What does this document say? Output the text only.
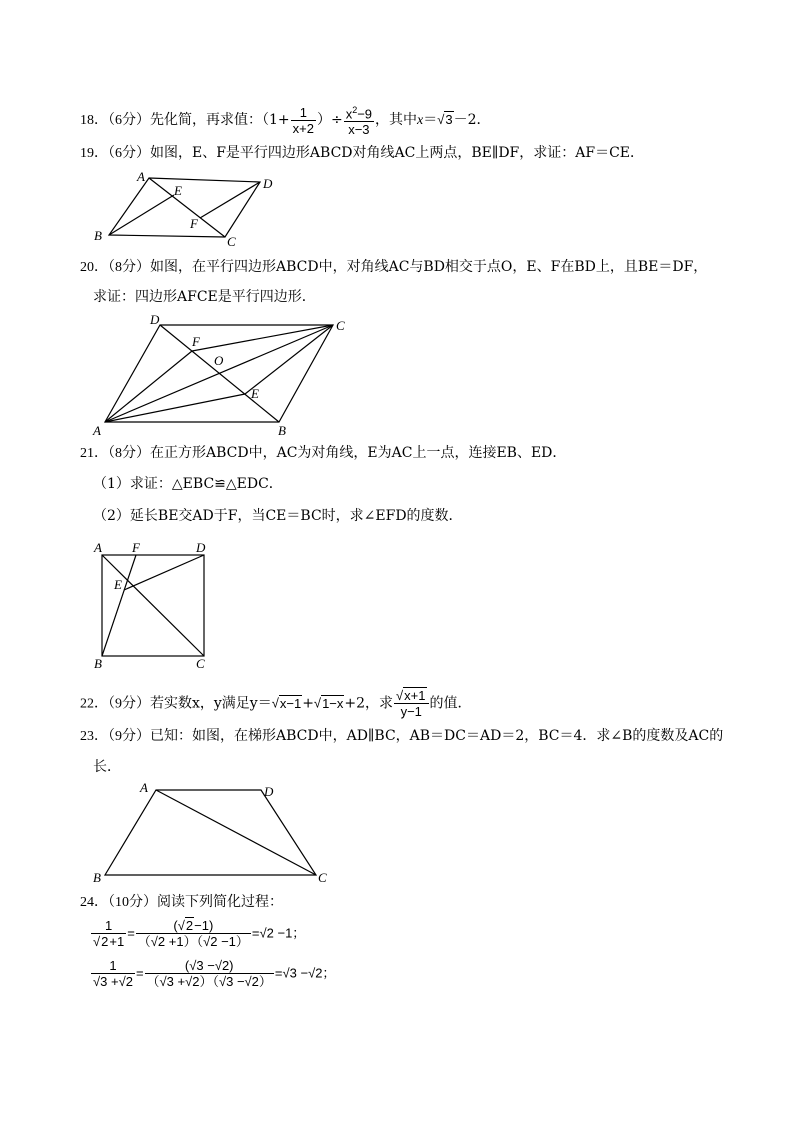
18．（6分）先化简，再求值：（$1+ \frac{1}{x+2}$ ）÷ $\frac{x^2-9}{x-3}$ ，其中x＝√3－2．
19．（6分）如图，E、F是平行四边形ABCD对角线AC上两点，BE∥DF，求证：AF＝CE．
A	D
E
F
B	C
20．（8分）如图，在平行四边形ABCD中，对角线AC与BD相交于点O，E、F在BD上，且BE＝DF，
求证：四边形AFCE是平行四边形．
D	C
F
O
E
A	B
21．（8分）在正方形ABCD中，AC为对角线，E为AC上一点，连接EB、ED．
（1）求证：△EBC≌△EDC．
（2）延长BE交AD于F，当CE＝BC时，求∠EFD的度数．
A F	D
E
B	C
22．（9分）若实数x，y满足y＝√x−1+√1−x+2，求 $\frac{√x+1}{y-1}$ 的值．
23．（9分）已知：如图，在梯形ABCD中，AD∥BC，AB＝DC＝AD＝2，BC＝4．求∠B的度数及AC的
长．
A	D
B	C
24．（10分）阅读下列简化过程：
$\frac{1}{√2+1} = \frac{(√2-1)}{(√2 +1)(√2 -1)} =√2 -1$；
$\frac{1}{√3 +√2} = \frac{(√3 -√2)}{(√3 +√2)(√3 -√2)} =√3 -√2$；
